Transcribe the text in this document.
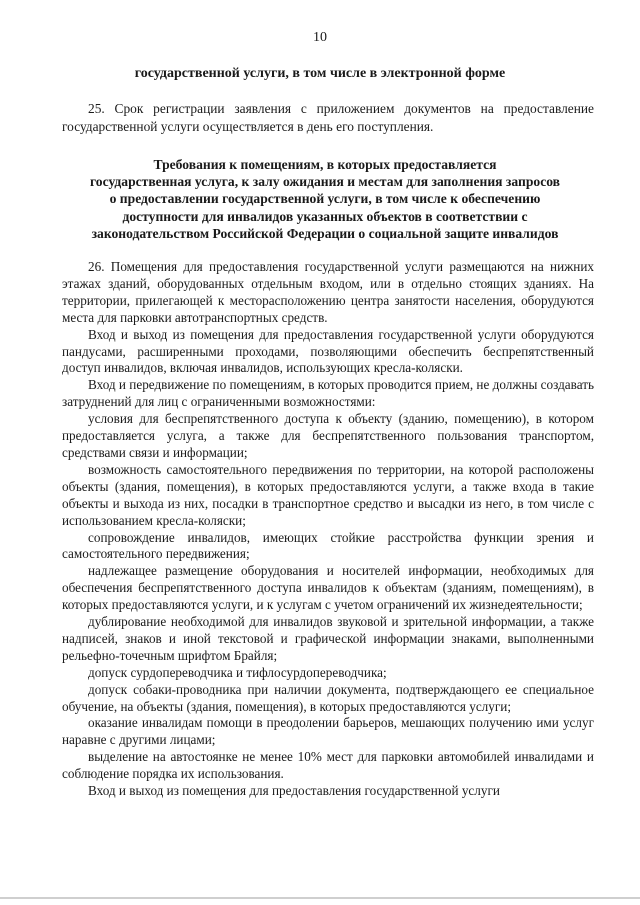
10
государственной услуги, в том числе в электронной форме
25. Срок регистрации заявления с приложением документов на предоставление государственной услуги осуществляется в день его поступления.
Требования к помещениям, в которых предоставляется
государственная услуга, к залу ожидания и местам для заполнения запросов
о предоставлении государственной услуги, в том числе к обеспечению
доступности для инвалидов указанных объектов в соответствии с
законодательством Российской Федерации о социальной защите инвалидов

26. Помещения для предоставления государственной услуги размещаются на нижних этажах зданий, оборудованных отдельным входом, или в отдельно стоящих зданиях. На территории, прилегающей к месторасположению центра занятости населения, оборудуются места для парковки автотранспортных средств.

Вход и выход из помещения для предоставления государственной услуги оборудуются пандусами, расширенными проходами, позволяющими обеспечить беспрепятственный доступ инвалидов, включая инвалидов, использующих кресла-коляски.

Вход и передвижение по помещениям, в которых проводится прием, не должны создавать затруднений для лиц с ограниченными возможностями:

условия для беспрепятственного доступа к объекту (зданию, помещению), в котором предоставляется услуга, а также для беспрепятственного пользования транспортом, средствами связи и информации;

возможность самостоятельного передвижения по территории, на которой расположены объекты (здания, помещения), в которых предоставляются услуги, а также входа в такие объекты и выхода из них, посадки в транспортное средство и высадки из него, в том числе с использованием кресла-коляски;

сопровождение инвалидов, имеющих стойкие расстройства функции зрения и самостоятельного передвижения;

надлежащее размещение оборудования и носителей информации, необходимых для обеспечения беспрепятственного доступа инвалидов к объектам (зданиям, помещениям), в которых предоставляются услуги, и к услугам с учетом ограничений их жизнедеятельности;

дублирование необходимой для инвалидов звуковой и зрительной информации, а также надписей, знаков и иной текстовой и графической информации знаками, выполненными рельефно-точечным шрифтом Брайля;

допуск сурдопереводчика и тифлосурдопереводчика;

допуск собаки-проводника при наличии документа, подтверждающего ее специальное обучение, на объекты (здания, помещения), в которых предоставляются услуги;

оказание инвалидам помощи в преодолении барьеров, мешающих получению ими услуг наравне с другими лицами;

выделение на автостоянке не менее 10% мест для парковки автомобилей инвалидами и соблюдение порядка их использования.

Вход и выход из помещения для предоставления государственной услуги
